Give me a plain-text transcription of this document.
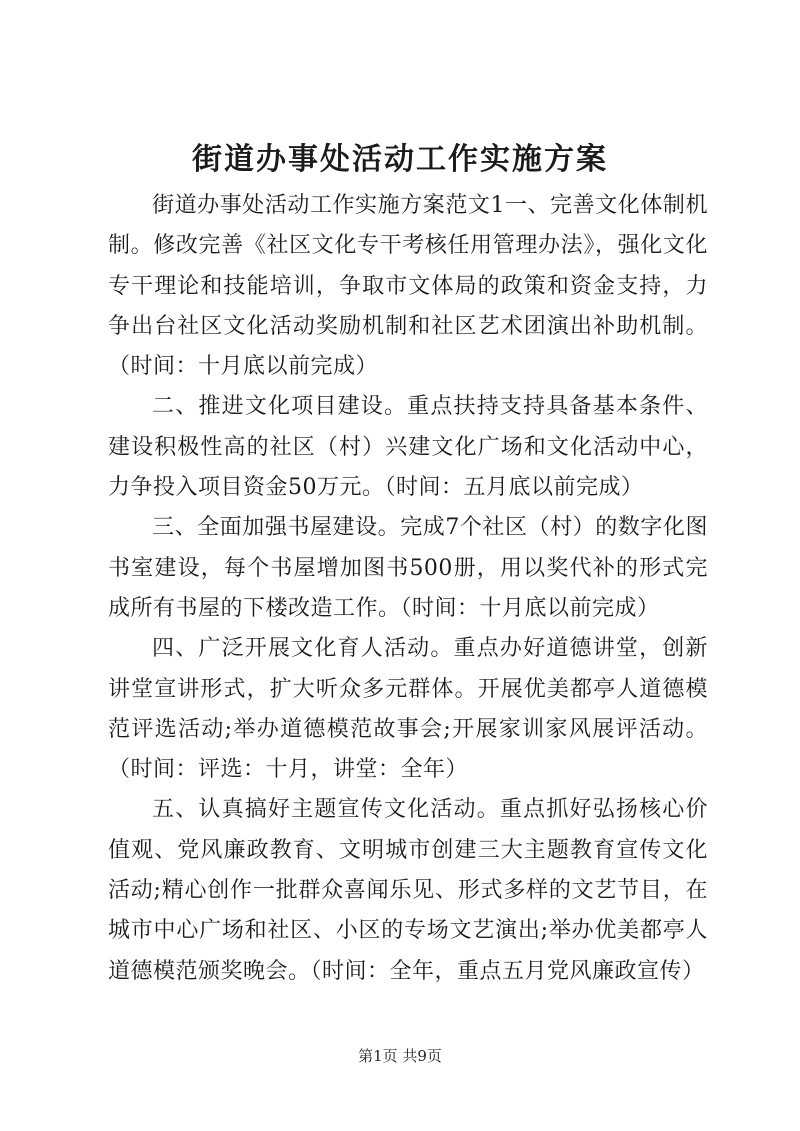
街道办事处活动工作实施方案

街道办事处活动工作实施方案范文1一、完善文化体制机制。修改完善《社区文化专干考核任用管理办法》，强化文化专干理论和技能培训，争取市文体局的政策和资金支持，力争出台社区文化活动奖励机制和社区艺术团演出补助机制。（时间：十月底以前完成）

二、推进文化项目建设。重点扶持支持具备基本条件、建设积极性高的社区（村）兴建文化广场和文化活动中心，力争投入项目资金50万元。（时间：五月底以前完成）

三、全面加强书屋建设。完成7个社区（村）的数字化图书室建设，每个书屋增加图书500册，用以奖代补的形式完成所有书屋的下楼改造工作。（时间：十月底以前完成）

四、广泛开展文化育人活动。重点办好道德讲堂，创新讲堂宣讲形式，扩大听众多元群体。开展优美都亭人道德模范评选活动;举办道德模范故事会;开展家训家风展评活动。（时间：评选：十月，讲堂：全年）

五、认真搞好主题宣传文化活动。重点抓好弘扬核心价值观、党风廉政教育、文明城市创建三大主题教育宣传文化活动;精心创作一批群众喜闻乐见、形式多样的文艺节目，在城市中心广场和社区、小区的专场文艺演出;举办优美都亭人道德模范颁奖晚会。（时间：全年，重点五月党风廉政宣传）

第1页 共9页
